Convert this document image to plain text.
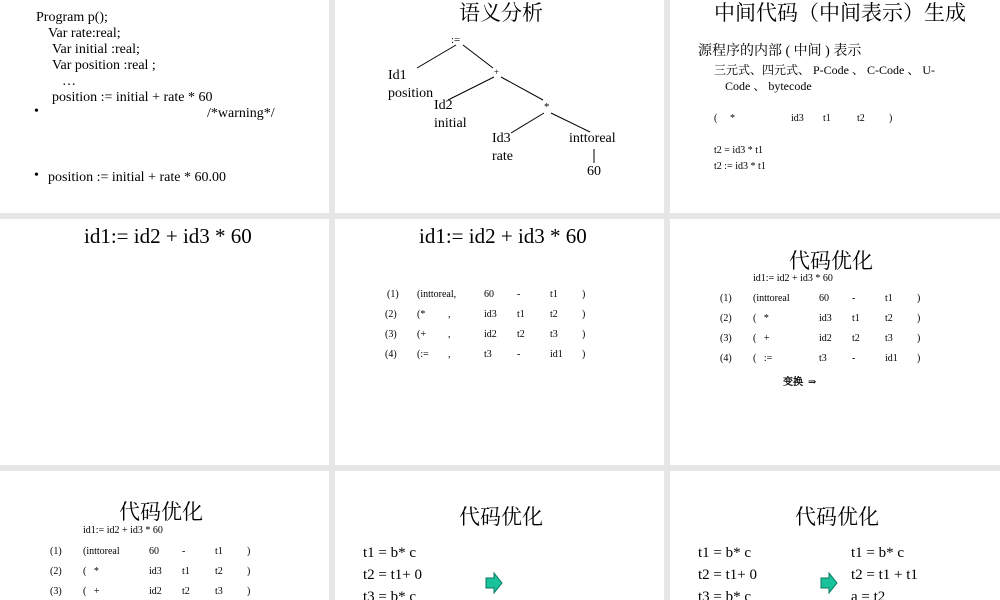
Program p();
Var rate:real;
Var initial :real;
Var position :real ;
…
position := initial + rate * 60
•	/*warning*/
• position := initial + rate * 60.00
语义分析
:=
Id1
position
+
Id2
initial
*
Id3
rate
inttoreal
60
中间代码（中间表示）生成
源程序的内部 ( 中间 ) 表示
三元式、四元式、 P-Code 、 C-Code 、 U-
Code 、 bytecode
( *	id3 t1	t2 )
t2 = id3 * t1
t2 := id3 * t1
id1:= id2 + id3 * 60	id1:= id2 + id3 * 60
(1) (inttoreal,	60 -	t1 )
(2) (* ,	id3 t1	t2 )
(3) (+ ,	id2 t2	t3 )
(4) (:= ,	t3	-	id1 )
代码优化
id1:= id2 + id3 * 60
(1) (inttoreal	60 -	t1 )
(2) (   *	id3 t1	t2 )
(3) (   +	id2 t2	t3 )
(4) (   :=	t3	-	id1 )
变换  ⇒
代码优化
id1:= id2 + id3 * 60
(1) (inttoreal	60 -	t1 )
(2) (   *	id3 t1	t2 )
(3) (   +	id2 t2	t3 )
代码优化
t1 = b* c
t2 = t1+ 0
t3 = b* c
代码优化
t1 = b* c
t2 = t1+ 0
t3 = b* c
t1 = b* c
t2 = t1 + t1
a = t2
